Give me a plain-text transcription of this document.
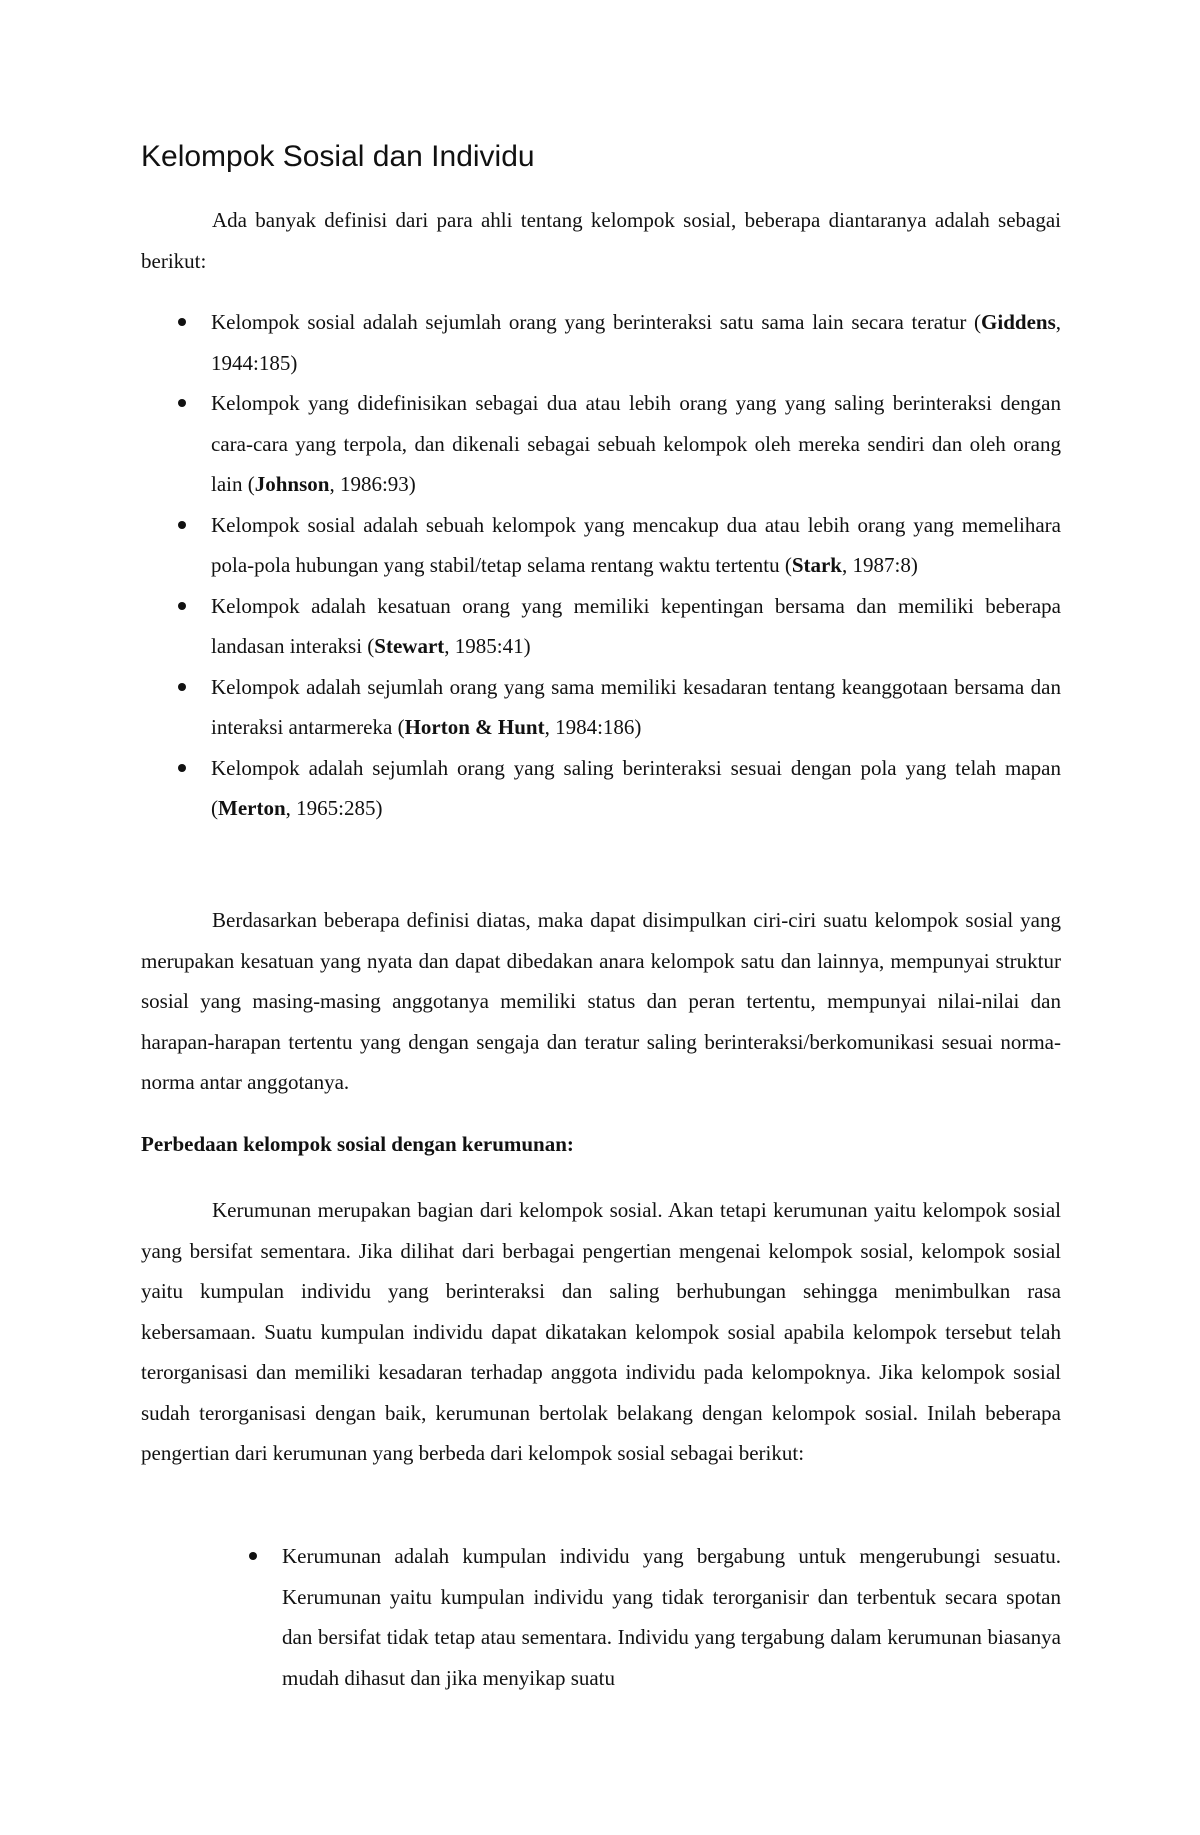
Kelompok Sosial dan Individu

Ada banyak definisi dari para ahli tentang kelompok sosial, beberapa diantaranya adalah sebagai berikut:

Kelompok sosial adalah sejumlah orang yang berinteraksi satu sama lain secara teratur (Giddens, 1944:185)
Kelompok yang didefinisikan sebagai dua atau lebih orang yang yang saling berinteraksi dengan cara-cara yang terpola, dan dikenali sebagai sebuah kelompok oleh mereka sendiri dan oleh orang lain (Johnson, 1986:93)
Kelompok sosial adalah sebuah kelompok yang mencakup dua atau lebih orang yang memelihara pola-pola hubungan yang stabil/tetap selama rentang waktu tertentu (Stark, 1987:8)
Kelompok adalah kesatuan orang yang memiliki kepentingan bersama dan memiliki beberapa landasan interaksi (Stewart, 1985:41)
Kelompok adalah sejumlah orang yang sama memiliki kesadaran tentang keanggotaan bersama dan interaksi antarmereka (Horton & Hunt, 1984:186)
Kelompok adalah sejumlah orang yang saling berinteraksi sesuai dengan pola yang telah mapan (Merton, 1965:285)

Berdasarkan beberapa definisi diatas, maka dapat disimpulkan ciri-ciri suatu kelompok sosial yang merupakan kesatuan yang nyata dan dapat dibedakan anara kelompok satu dan lainnya, mempunyai struktur sosial yang masing-masing anggotanya memiliki status dan peran tertentu, mempunyai nilai-nilai dan harapan-harapan tertentu yang dengan sengaja dan teratur saling berinteraksi/berkomunikasi sesuai norma-norma antar anggotanya.

Perbedaan kelompok sosial dengan kerumunan:

Kerumunan merupakan bagian dari kelompok sosial. Akan tetapi kerumunan yaitu kelompok sosial yang bersifat sementara. Jika dilihat dari berbagai pengertian mengenai kelompok sosial, kelompok sosial yaitu kumpulan individu yang berinteraksi dan saling berhubungan sehingga menimbulkan rasa kebersamaan. Suatu kumpulan individu dapat dikatakan kelompok sosial apabila kelompok tersebut telah terorganisasi dan memiliki kesadaran terhadap anggota individu pada kelompoknya. Jika kelompok sosial sudah terorganisasi dengan baik, kerumunan bertolak belakang dengan kelompok sosial. Inilah beberapa pengertian dari kerumunan yang berbeda dari kelompok sosial sebagai berikut:

Kerumunan adalah kumpulan individu yang bergabung untuk mengerubungi sesuatu. Kerumunan yaitu kumpulan individu yang tidak terorganisir dan terbentuk secara spotan dan bersifat tidak tetap atau sementara. Individu yang tergabung dalam kerumunan biasanya mudah dihasut dan jika menyikap suatu
